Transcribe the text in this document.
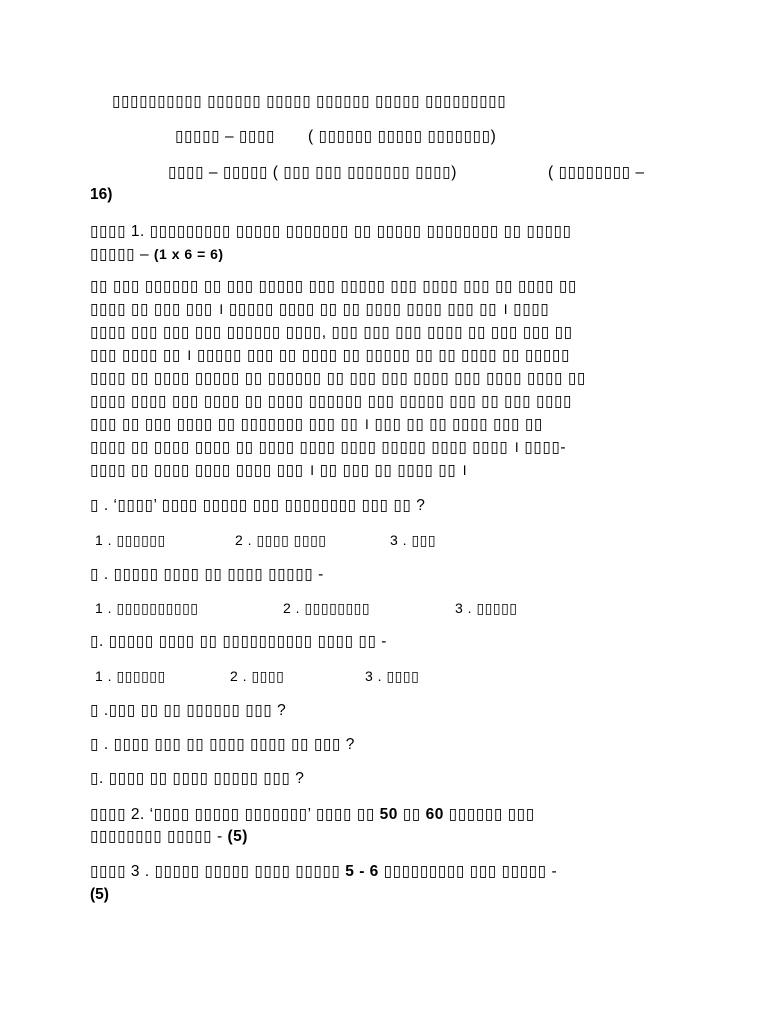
▯▯▯▯▯▯▯▯▯▯ ▯▯▯▯▯▯ ▯▯▯▯▯ ▯▯▯▯▯▯ ▯▯▯▯▯ ▯▯▯▯▯▯▯▯▯
▯▯▯▯▯ – ▯▯▯▯ ( ▯▯▯▯▯▯ ▯▯▯▯▯ ▯▯▯▯▯▯▯)
▯▯▯▯ – ▯▯▯▯▯ ( ▯▯▯ ▯▯▯ ▯▯▯▯▯▯▯ ▯▯▯▯)	( ▯▯▯▯▯▯▯▯ –
16)
▯▯▯▯ 1. ▯▯▯▯▯▯▯▯▯ ▯▯▯▯▯ ▯▯▯▯▯▯▯ ▯▯ ▯▯▯▯▯ ▯▯▯▯▯▯▯▯ ▯▯ ▯▯▯▯▯
▯▯▯▯▯ – (1 x 6 = 6)
▯▯ ▯▯▯ ▯▯▯▯▯▯ ▯▯ ▯▯▯ ▯▯▯▯▯ ▯▯▯ ▯▯▯▯▯ ▯▯▯ ▯▯▯▯ ▯▯▯ ▯▯ ▯▯▯▯ ▯▯
▯▯▯▯ ▯▯ ▯▯▯ ▯▯▯ । ▯▯▯▯▯ ▯▯▯▯ ▯▯ ▯▯ ▯▯▯▯ ▯▯▯▯ ▯▯▯ ▯▯ । ▯▯▯▯
▯▯▯▯ ▯▯▯ ▯▯▯ ▯▯▯ ▯▯▯▯▯▯ ▯▯▯▯, ▯▯▯ ▯▯▯ ▯▯▯ ▯▯▯▯ ▯▯ ▯▯▯ ▯▯▯ ▯▯
▯▯▯ ▯▯▯▯ ▯▯ । ▯▯▯▯▯ ▯▯▯ ▯▯ ▯▯▯▯ ▯▯ ▯▯▯▯▯ ▯▯ ▯▯ ▯▯▯▯ ▯▯ ▯▯▯▯▯
▯▯▯▯ ▯▯ ▯▯▯▯ ▯▯▯▯▯ ▯▯ ▯▯▯▯▯▯ ▯▯ ▯▯▯ ▯▯▯ ▯▯▯▯ ▯▯▯ ▯▯▯▯ ▯▯▯▯ ▯▯
▯▯▯▯ ▯▯▯▯ ▯▯▯ ▯▯▯▯ ▯▯ ▯▯▯▯ ▯▯▯▯▯▯ ▯▯▯ ▯▯▯▯▯ ▯▯▯ ▯▯ ▯▯▯ ▯▯▯▯
▯▯▯ ▯▯ ▯▯▯ ▯▯▯▯ ▯▯ ▯▯▯▯▯▯▯ ▯▯▯ ▯▯ । ▯▯▯ ▯▯ ▯▯ ▯▯▯▯ ▯▯▯ ▯▯
▯▯▯▯ ▯▯ ▯▯▯▯ ▯▯▯▯ ▯▯ ▯▯▯▯ ▯▯▯▯ ▯▯▯▯ ▯▯▯▯▯ ▯▯▯▯ ▯▯▯▯ । ▯▯▯▯-
▯▯▯▯ ▯▯ ▯▯▯▯ ▯▯▯▯ ▯▯▯▯ ▯▯▯ । ▯▯ ▯▯▯ ▯▯ ▯▯▯▯ ▯▯ ।
▯ . ‘▯▯▯▯’ ▯▯▯▯ ▯▯▯▯▯ ▯▯▯ ▯▯▯▯▯▯▯▯ ▯▯▯ ▯▯ ?
1 . ▯▯▯▯▯▯	2 . ▯▯▯▯ ▯▯▯▯	3 . ▯▯▯
▯ . ▯▯▯▯▯ ▯▯▯▯ ▯▯ ▯▯▯▯ ▯▯▯▯▯ -
1 . ▯▯▯▯▯▯▯▯▯▯	2 . ▯▯▯▯▯▯▯▯	3 . ▯▯▯▯▯
▯. ▯▯▯▯▯ ▯▯▯▯ ▯▯ ▯▯▯▯▯▯▯▯▯▯ ▯▯▯▯ ▯▯ -
1 . ▯▯▯▯▯▯	2 . ▯▯▯▯	3 . ▯▯▯▯
▯ .▯▯▯ ▯▯ ▯▯ ▯▯▯▯▯▯ ▯▯▯ ?
▯ . ▯▯▯▯ ▯▯▯ ▯▯ ▯▯▯▯ ▯▯▯▯ ▯▯ ▯▯▯ ?
▯. ▯▯▯▯ ▯▯ ▯▯▯▯ ▯▯▯▯▯ ▯▯▯ ?
▯▯▯▯ 2. ‘▯▯▯▯ ▯▯▯▯▯ ▯▯▯▯▯▯▯’ ▯▯▯▯ ▯▯ 50 ▯▯ 60 ▯▯▯▯▯▯ ▯▯▯
▯▯▯▯▯▯▯▯ ▯▯▯▯▯ - (5)
▯▯▯▯ 3 . ▯▯▯▯▯ ▯▯▯▯▯ ▯▯▯▯ ▯▯▯▯▯ 5 - 6 ▯▯▯▯▯▯▯▯▯ ▯▯▯ ▯▯▯▯▯ -
(5)
